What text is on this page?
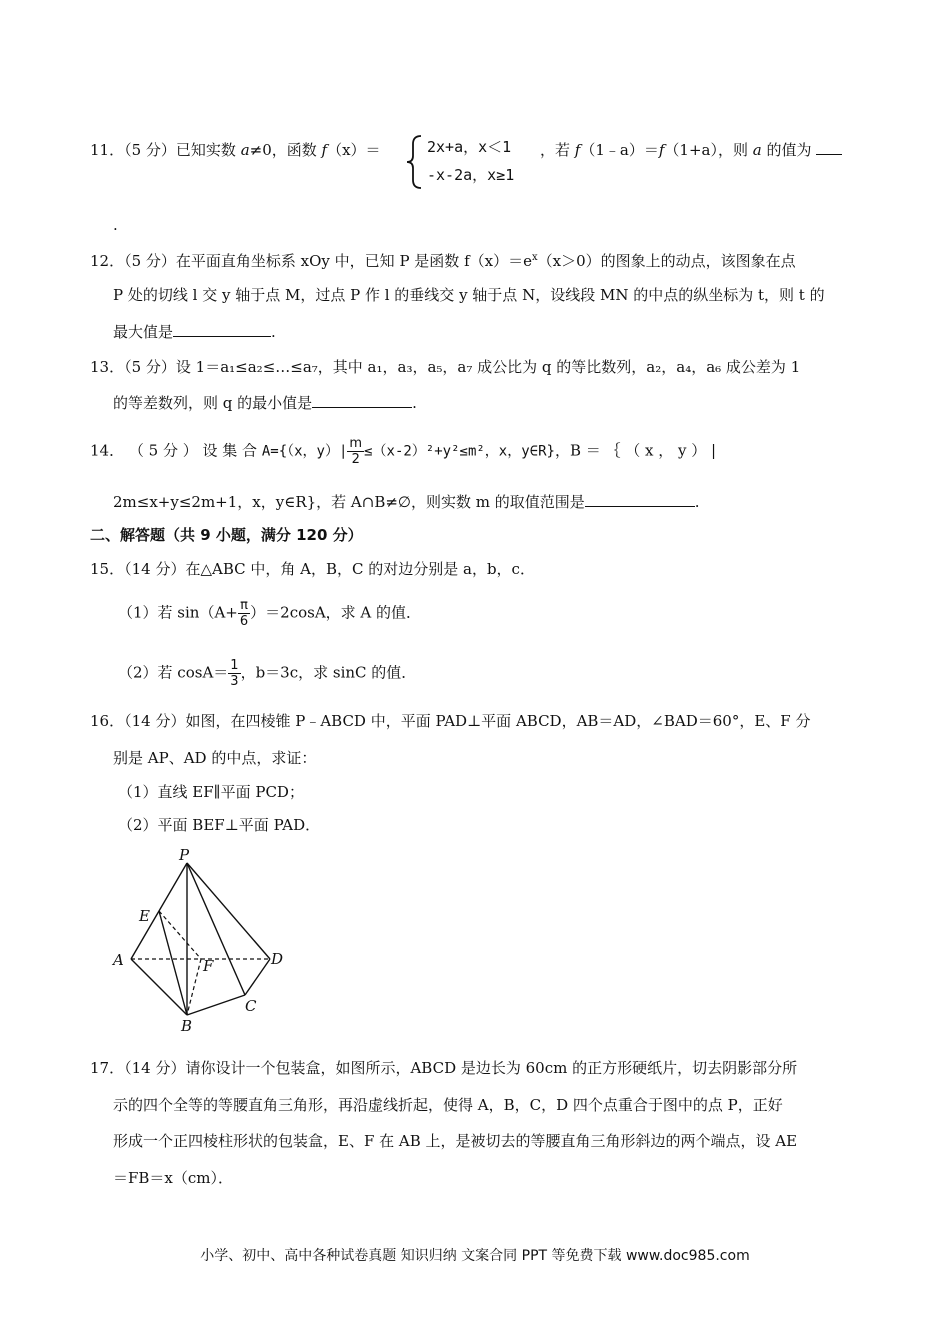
11．（5 分）已知实数 a≠0，函数 f（x）＝	2x+a，x＜1
-x-2a，x≥1
，若 f（1﹣a）＝f（1+a），则 a 的值为
.
12．（5 分）在平面直角坐标系 xOy 中，已知 P 是函数 $f(x)=e^x(x>0)$的图象上的动点，该图象在点
P 处的切线 l 交 y 轴于点 M，过点 P 作 l 的垂线交 y 轴于点 N，设线段 MN 的中点的纵坐标为 t，则 t 的
最大值是	.
13．（5 分）设 1＝a₁≤a₂≤…≤a₇，其中 a₁，a₃，a₅，a₇ 成公比为 q 的等比数列，a₂，a₄，a₆ 成公差为 1
的等差数列，则 q 的最小值是	.
14． （ 5 分 ） 设 集 合 A={（x，$y)| \frac{m}{2} \le(x-2)^2+y^2\le m^2$，x，y∈R}，B ＝ ｛ （ x ， y ） |
2m≤x+y≤2m+1，x，y∈R}，若 A∩B≠∅，则实数 m 的取值范围是	.
二、解答题（共 9 小题，满分 120 分）
15．（14 分）在△ABC 中，角 A，B，C 的对边分别是 a，b，c．
（1）若 $\sin(A+ \frac{\pi}{6} )=2\cos A$，求 A 的值．
（2）若 $\cos A= \frac{1}{3}$ ，b＝3c，求 sinC 的值．
16．（14 分）如图，在四棱锥 P﹣ABCD 中，平面 PAD⊥平面 ABCD，AB＝AD，∠BAD＝60°，E、F 分
别是 AP、AD 的中点，求证：
（1）直线 EF∥平面 PCD；
（2）平面 BEF⊥平面 PAD．
P
E
A	F	D
B
C
17．（14 分）请你设计一个包装盒，如图所示，ABCD 是边长为 60cm 的正方形硬纸片，切去阴影部分所
示的四个全等的等腰直角三角形，再沿虚线折起，使得 A，B，C，D 四个点重合于图中的点 P，正好
形成一个正四棱柱形状的包装盒，E、F 在 AB 上，是被切去的等腰直角三角形斜边的两个端点，设 AE
＝FB＝x（cm）．
小学、初中、高中各种试卷真题 知识归纳 文案合同 PPT 等免费下载 www.doc985.com
